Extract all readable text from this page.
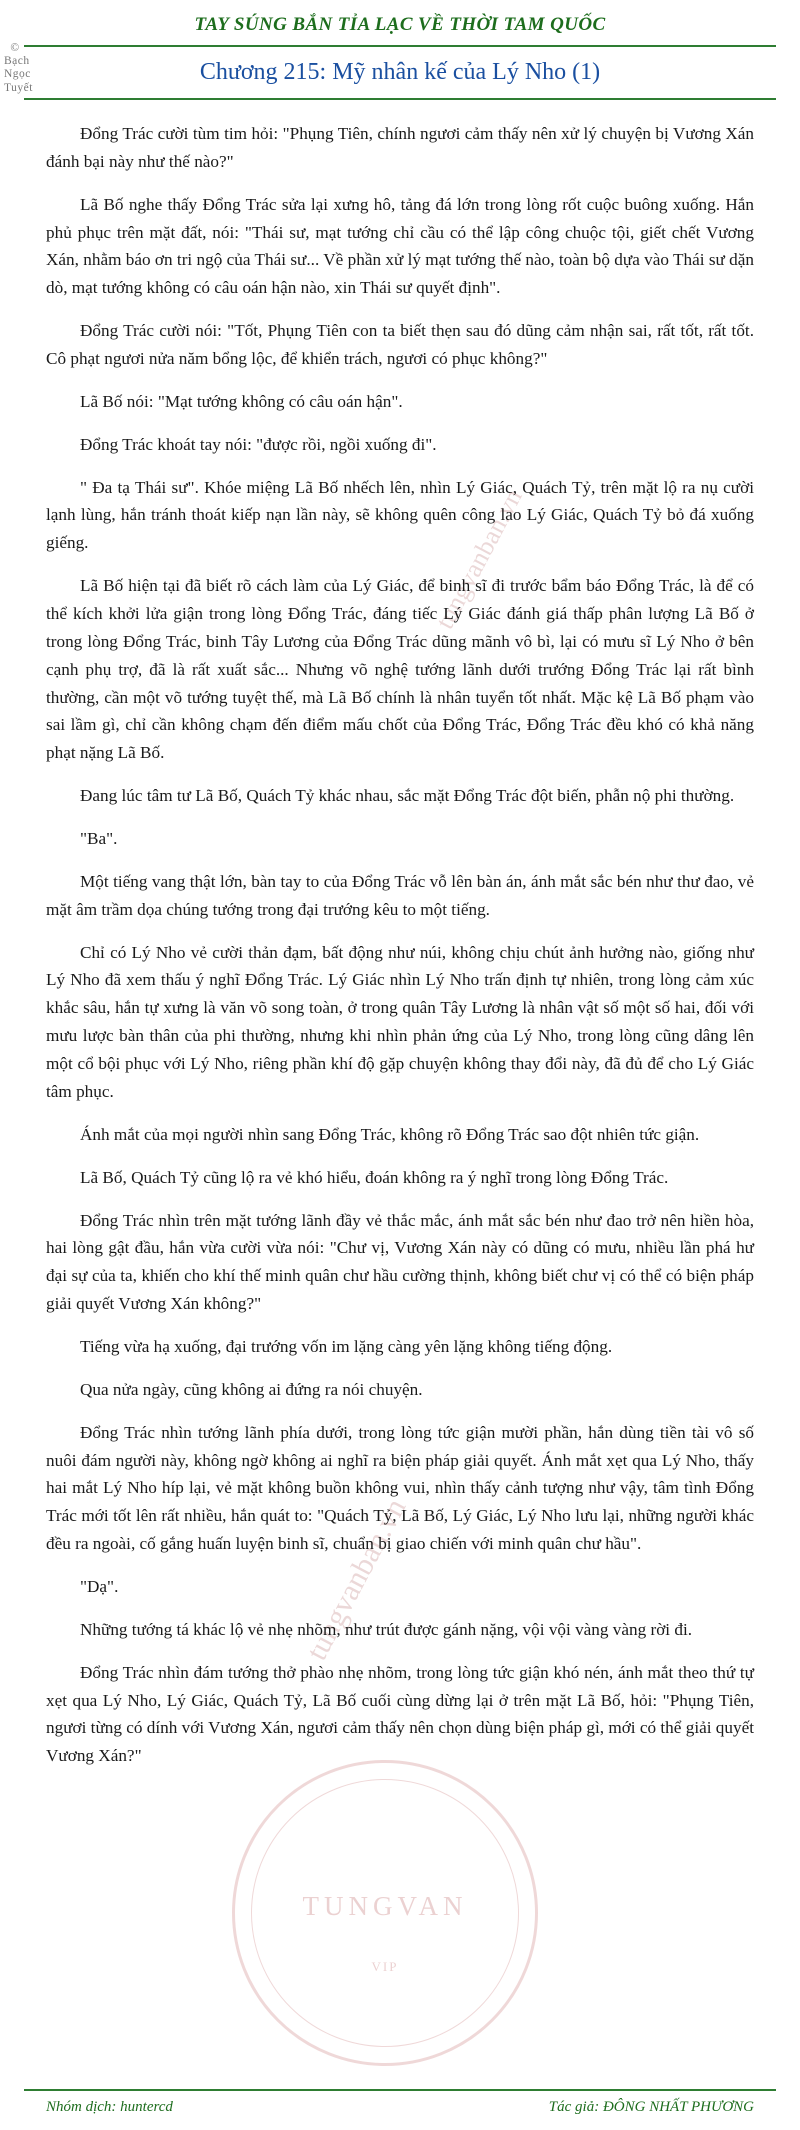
© Bạch Ngọc Tuyết
TAY SÚNG BẮN TỈA LẠC VỀ THỜI TAM QUỐC
Chương 215: Mỹ nhân kế của Lý Nho (1)
tungvanban.vn
tungvanban.vn
TUNGVAN
VIP

Đổng Trác cười tùm tim hỏi: "Phụng Tiên, chính ngươi cảm thấy nên xử lý chuyện bị Vương Xán đánh bại này như thế nào?"

Lã Bố nghe thấy Đổng Trác sửa lại xưng hô, tảng đá lớn trong lòng rốt cuộc buông xuống. Hắn phủ phục trên mặt đất, nói: "Thái sư, mạt tướng chỉ cầu có thể lập công chuộc tội, giết chết Vương Xán, nhằm báo ơn tri ngộ của Thái sư... Về phần xử lý mạt tướng thế nào, toàn bộ dựa vào Thái sư dặn dò, mạt tướng không có câu oán hận nào, xin Thái sư quyết định".

Đổng Trác cười nói: "Tốt, Phụng Tiên con ta biết thẹn sau đó dũng cảm nhận sai, rất tốt, rất tốt. Cô phạt ngươi nửa năm bổng lộc, để khiển trách, ngươi có phục không?"

Lã Bố nói: "Mạt tướng không có câu oán hận".

Đổng Trác khoát tay nói: "được rồi, ngồi xuống đi".

" Đa tạ Thái sư". Khóe miệng Lã Bố nhếch lên, nhìn Lý Giác, Quách Tỷ, trên mặt lộ ra nụ cười lạnh lùng, hắn tránh thoát kiếp nạn lần này, sẽ không quên công lao Lý Giác, Quách Tỷ bỏ đá xuống giếng.

Lã Bố hiện tại đã biết rõ cách làm của Lý Giác, để binh sĩ đi trước bẩm báo Đổng Trác, là để có thể kích khởi lửa giận trong lòng Đổng Trác, đáng tiếc Lý Giác đánh giá thấp phân lượng Lã Bố ở trong lòng Đổng Trác, binh Tây Lương của Đổng Trác dũng mãnh vô bì, lại có mưu sĩ Lý Nho ở bên cạnh phụ trợ, đã là rất xuất sắc... Nhưng võ nghệ tướng lãnh dưới trướng Đổng Trác lại rất bình thường, cần một võ tướng tuyệt thế, mà Lã Bố chính là nhân tuyển tốt nhất. Mặc kệ Lã Bố phạm vào sai lầm gì, chỉ cần không chạm đến điểm mấu chốt của Đổng Trác, Đổng Trác đều khó có khả năng phạt nặng Lã Bố.

Đang lúc tâm tư Lã Bố, Quách Tỷ khác nhau, sắc mặt Đổng Trác đột biến, phẫn nộ phi thường.

"Ba".

Một tiếng vang thật lớn, bàn tay to của Đổng Trác vỗ lên bàn án, ánh mắt sắc bén như thư đao, vẻ mặt âm trầm dọa chúng tướng trong đại trướng kêu to một tiếng.

Chỉ có Lý Nho vẻ cười thản đạm, bất động như núi, không chịu chút ảnh hưởng nào, giống như Lý Nho đã xem thấu ý nghĩ Đổng Trác. Lý Giác nhìn Lý Nho trấn định tự nhiên, trong lòng cảm xúc khắc sâu, hắn tự xưng là văn võ song toàn, ở trong quân Tây Lương là nhân vật số một số hai, đối với mưu lược bàn thân của phi thường, nhưng khi nhìn phản ứng của Lý Nho, trong lòng cũng dâng lên một cổ bội phục với Lý Nho, riêng phần khí độ gặp chuyện không thay đổi này, đã đủ để cho Lý Giác tâm phục.

Ánh mắt của mọi người nhìn sang Đổng Trác, không rõ Đổng Trác sao đột nhiên tức giận.

Lã Bố, Quách Tỷ cũng lộ ra vẻ khó hiểu, đoán không ra ý nghĩ trong lòng Đổng Trác.

Đổng Trác nhìn trên mặt tướng lãnh đầy vẻ thắc mắc, ánh mắt sắc bén như đao trở nên hiền hòa, hai lòng gật đầu, hắn vừa cười vừa nói: "Chư vị, Vương Xán này có dũng có mưu, nhiều lần phá hư đại sự của ta, khiến cho khí thế minh quân chư hầu cường thịnh, không biết chư vị có thể có biện pháp giải quyết Vương Xán không?"

Tiếng vừa hạ xuống, đại trướng vốn im lặng càng yên lặng không tiếng động.

Qua nửa ngày, cũng không ai đứng ra nói chuyện.

Đổng Trác nhìn tướng lãnh phía dưới, trong lòng tức giận mười phần, hắn dùng tiền tài vô số nuôi đám người này, không ngờ không ai nghĩ ra biện pháp giải quyết. Ánh mắt xẹt qua Lý Nho, thấy hai mắt Lý Nho híp lại, vẻ mặt không buồn không vui, nhìn thấy cảnh tượng như vậy, tâm tình Đổng Trác mới tốt lên rất nhiều, hắn quát to: "Quách Tỷ, Lã Bố, Lý Giác, Lý Nho lưu lại, những người khác đều ra ngoài, cố gắng huấn luyện binh sĩ, chuẩn bị giao chiến với minh quân chư hầu".

"Dạ".

Những tướng tá khác lộ vẻ nhẹ nhõm, như trút được gánh nặng, vội vội vàng vàng rời đi.

Đổng Trác nhìn đám tướng thở phào nhẹ nhõm, trong lòng tức giận khó nén, ánh mắt theo thứ tự xẹt qua Lý Nho, Lý Giác, Quách Tỷ, Lã Bố cuối cùng dừng lại ở trên mặt Lã Bố, hỏi: "Phụng Tiên, ngươi từng có dính với Vương Xán, ngươi cảm thấy nên chọn dùng biện pháp gì, mới có thể giải quyết Vương Xán?"

Nhóm dịch: huntercd	Tác giả: ĐÔNG NHẤT PHƯƠNG
